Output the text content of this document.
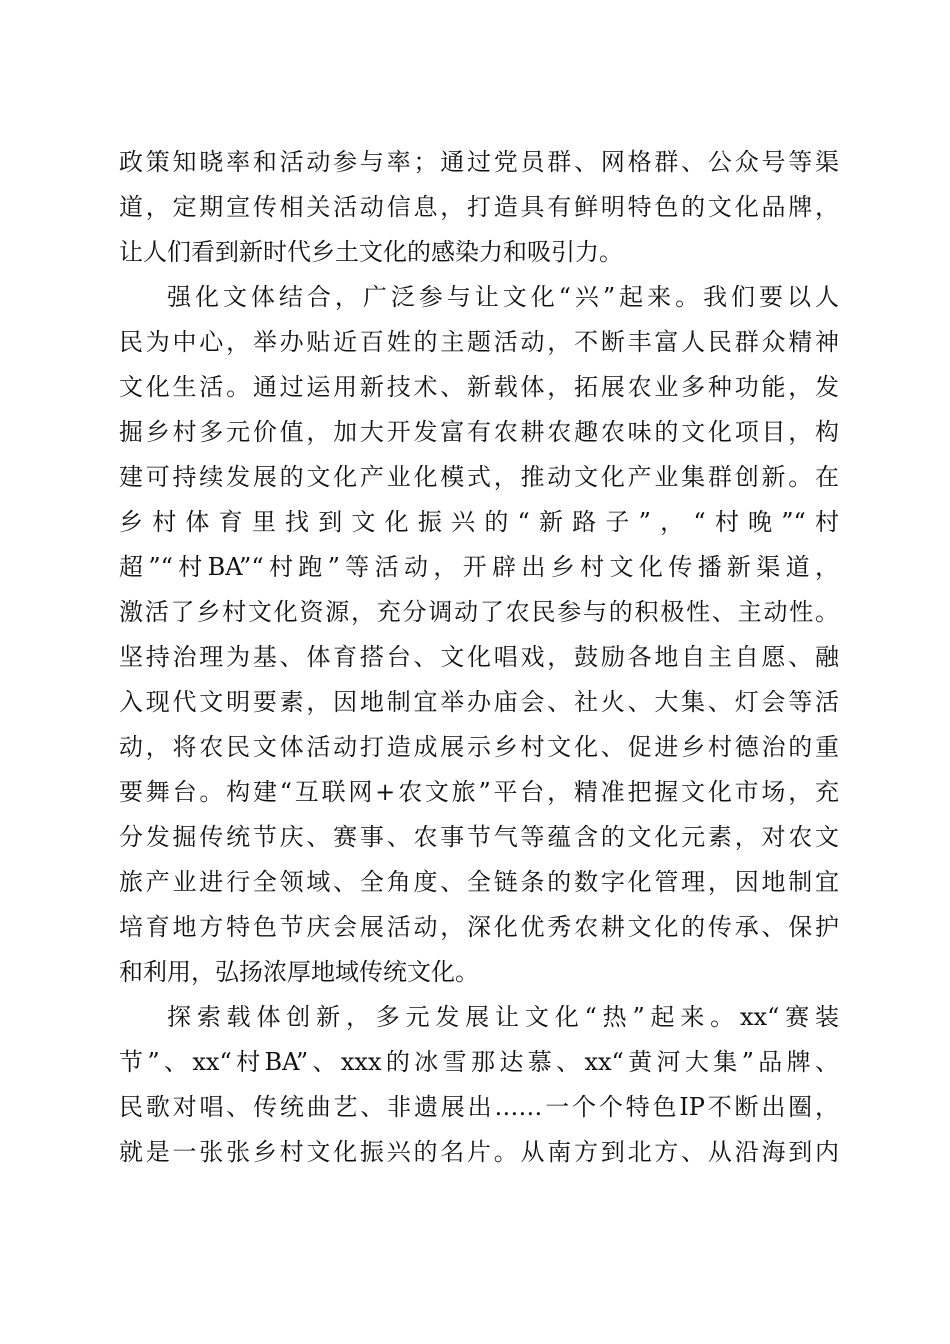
政策知晓率和活动参与率；通过党员群、网格群、公众号等渠
道，定期宣传相关活动信息，打造具有鲜明特色的文化品牌，
让人们看到新时代乡土文化的感染力和吸引力。
强化文体结合，广泛参与让文化“兴”起来。我们要以人
民为中心，举办贴近百姓的主题活动，不断丰富人民群众精神
文化生活。通过运用新技术、新载体，拓展农业多种功能，发
掘乡村多元价值，加大开发富有农耕农趣农味的文化项目，构
建可持续发展的文化产业化模式，推动文化产业集群创新。在
乡村体育里找到文化振兴的“新路子”，“村晚”“村
超”“村BA”“村跑”等活动，开辟出乡村文化传播新渠道，
激活了乡村文化资源，充分调动了农民参与的积极性、主动性。
坚持治理为基、体育搭台、文化唱戏，鼓励各地自主自愿、融
入现代文明要素，因地制宜举办庙会、社火、大集、灯会等活
动，将农民文体活动打造成展示乡村文化、促进乡村德治的重
要舞台。构建“互联网+农文旅”平台，精准把握文化市场，充
分发掘传统节庆、赛事、农事节气等蕴含的文化元素，对农文
旅产业进行全领域、全角度、全链条的数字化管理，因地制宜
培育地方特色节庆会展活动，深化优秀农耕文化的传承、保护
和利用，弘扬浓厚地域传统文化。
探索载体创新，多元发展让文化“热”起来。xx“赛装
节”、xx“村BA”、xxx的冰雪那达慕、xx“黄河大集”品牌、
民歌对唱、传统曲艺、非遗展出……一个个特色IP不断出圈，
就是一张张乡村文化振兴的名片。从南方到北方、从沿海到内
